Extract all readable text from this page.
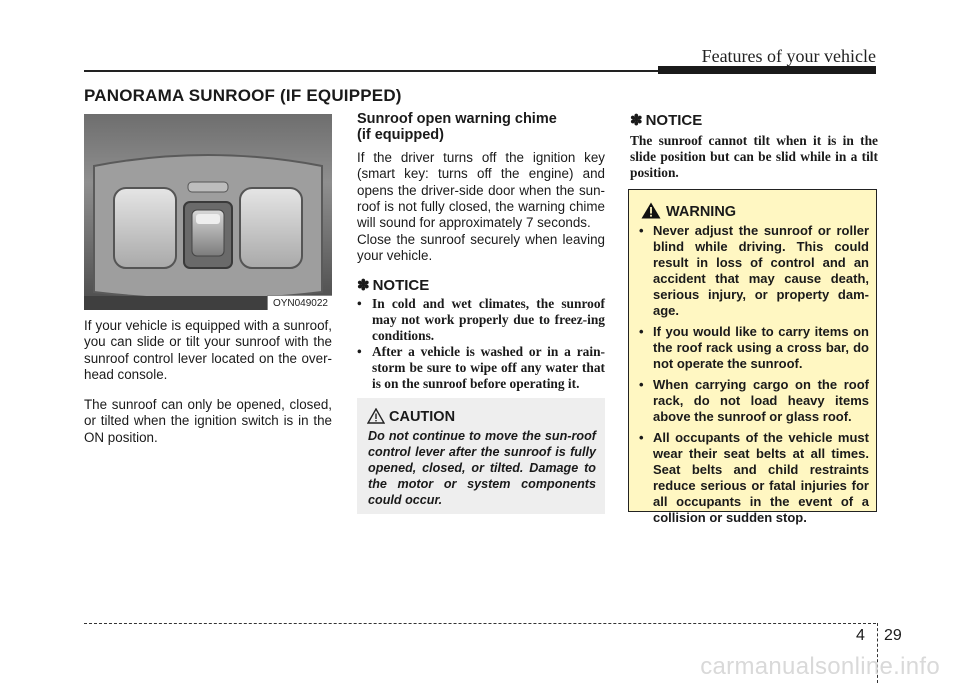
Features of your vehicle
PANORAMA SUNROOF (IF EQUIPPED)
OYN049022
If your vehicle is equipped with a sunroof, you can slide or tilt your sunroof with the sunroof control lever located on the over-head console.
The sunroof can only be opened, closed, or tilted when the ignition switch is in the ON position.
Sunroof open warning chime
(if equipped)
If the driver turns off the ignition key (smart key: turns off the engine) and opens the driver-side door when the sun-roof is not fully closed, the warning chime will sound for approximately 7 seconds.
Close the sunroof securely when leaving your vehicle.
✽ NOTICE
• In cold and wet climates, the sunroof may not work properly due to freez-ing conditions.
• After a vehicle is washed or in a rain-storm be sure to wipe off any water that is on the sunroof before operating it.
CAUTION
Do not continue to move the sun-roof control lever after the sunroof is fully opened, closed, or tilted. Damage to the motor or system components could occur.
✽ NOTICE
The sunroof cannot tilt when it is in the slide position but can be slid while in a tilt position.
WARNING
• Never adjust the sunroof or roller blind while driving. This could result in loss of control and an accident that may cause death, serious injury, or property dam-age.
• If you would like to carry items on the roof rack using a cross bar, do not operate the sunroof.
• When carrying cargo on the roof rack, do not load heavy items above the sunroof or glass roof.
• All occupants of the vehicle must wear their seat belts at all times. Seat belts and child restraints reduce serious or fatal injuries for all occupants in the event of a collision or sudden stop.
4 29
carmanualsonline.info
